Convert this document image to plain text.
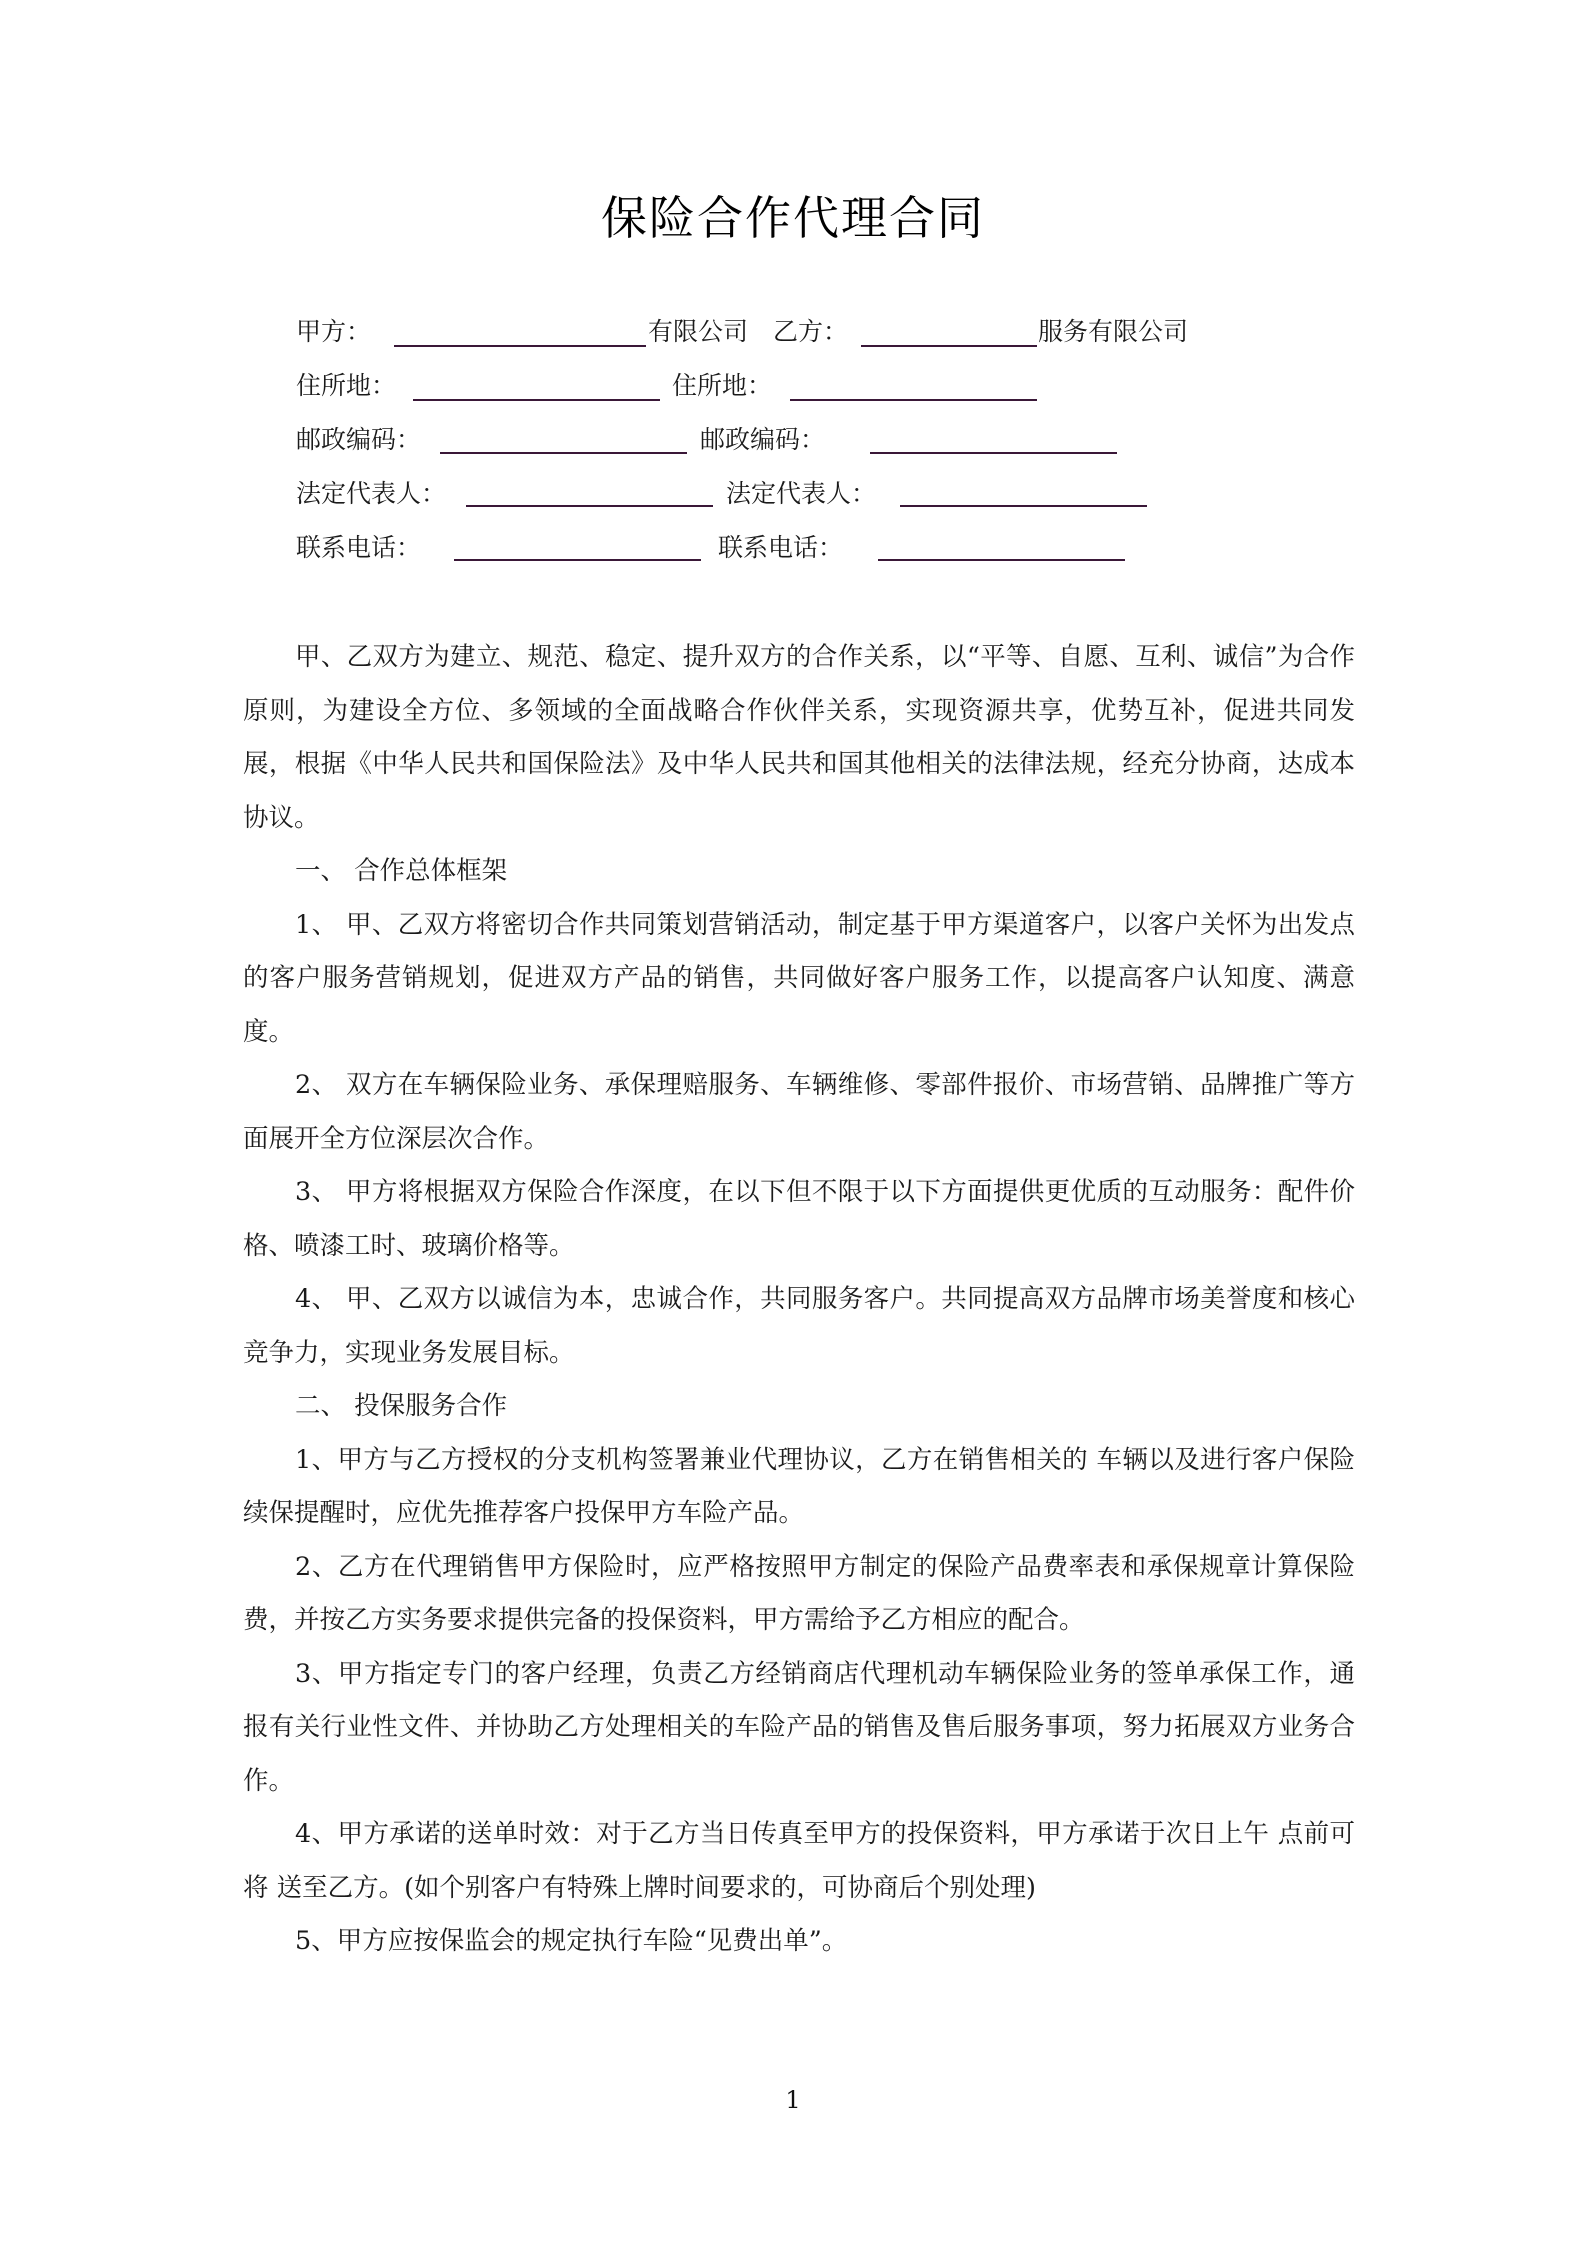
保险合作代理合同
甲方：	有限公司 乙方：	服务有限公司
住所地：	住所地：
邮政编码：	邮政编码：
法定代表人：	法定代表人：
联系电话：	联系电话：

甲、乙双方为建立、规范、稳定、提升双方的合作关系，以“平等、自愿、互利、诚信”为合作原则，为建设全方位、多领域的全面战略合作伙伴关系，实现资源共享，优势互补，促进共同发展，根据《中华人民共和国保险法》及中华人民共和国其他相关的法律法规，经充分协商，达成本协议。

一、 合作总体框架

1、 甲、乙双方将密切合作共同策划营销活动，制定基于甲方渠道客户，以客户关怀为出发点的客户服务营销规划，促进双方产品的销售，共同做好客户服务工作，以提高客户认知度、满意度。

2、 双方在车辆保险业务、承保理赔服务、车辆维修、零部件报价、市场营销、品牌推广等方面展开全方位深层次合作。

3、 甲方将根据双方保险合作深度，在以下但不限于以下方面提供更优质的互动服务：配件价格、喷漆工时、玻璃价格等。

4、 甲、乙双方以诚信为本，忠诚合作，共同服务客户。共同提高双方品牌市场美誉度和核心竞争力，实现业务发展目标。

二、 投保服务合作

1、甲方与乙方授权的分支机构签署兼业代理协议，乙方在销售相关的 车辆以及进行客户保险续保提醒时，应优先推荐客户投保甲方车险产品。

2、乙方在代理销售甲方保险时，应严格按照甲方制定的保险产品费率表和承保规章计算保险费，并按乙方实务要求提供完备的投保资料，甲方需给予乙方相应的配合。

3、甲方指定专门的客户经理，负责乙方经销商店代理机动车辆保险业务的签单承保工作，通报有关行业性文件、并协助乙方处理相关的车险产品的销售及售后服务事项，努力拓展双方业务合作。

4、甲方承诺的送单时效：对于乙方当日传真至甲方的投保资料，甲方承诺于次日上午 点前可将 送至乙方。(如个别客户有特殊上牌时间要求的，可协商后个别处理)

5、甲方应按保监会的规定执行车险“见费出单”。

1
